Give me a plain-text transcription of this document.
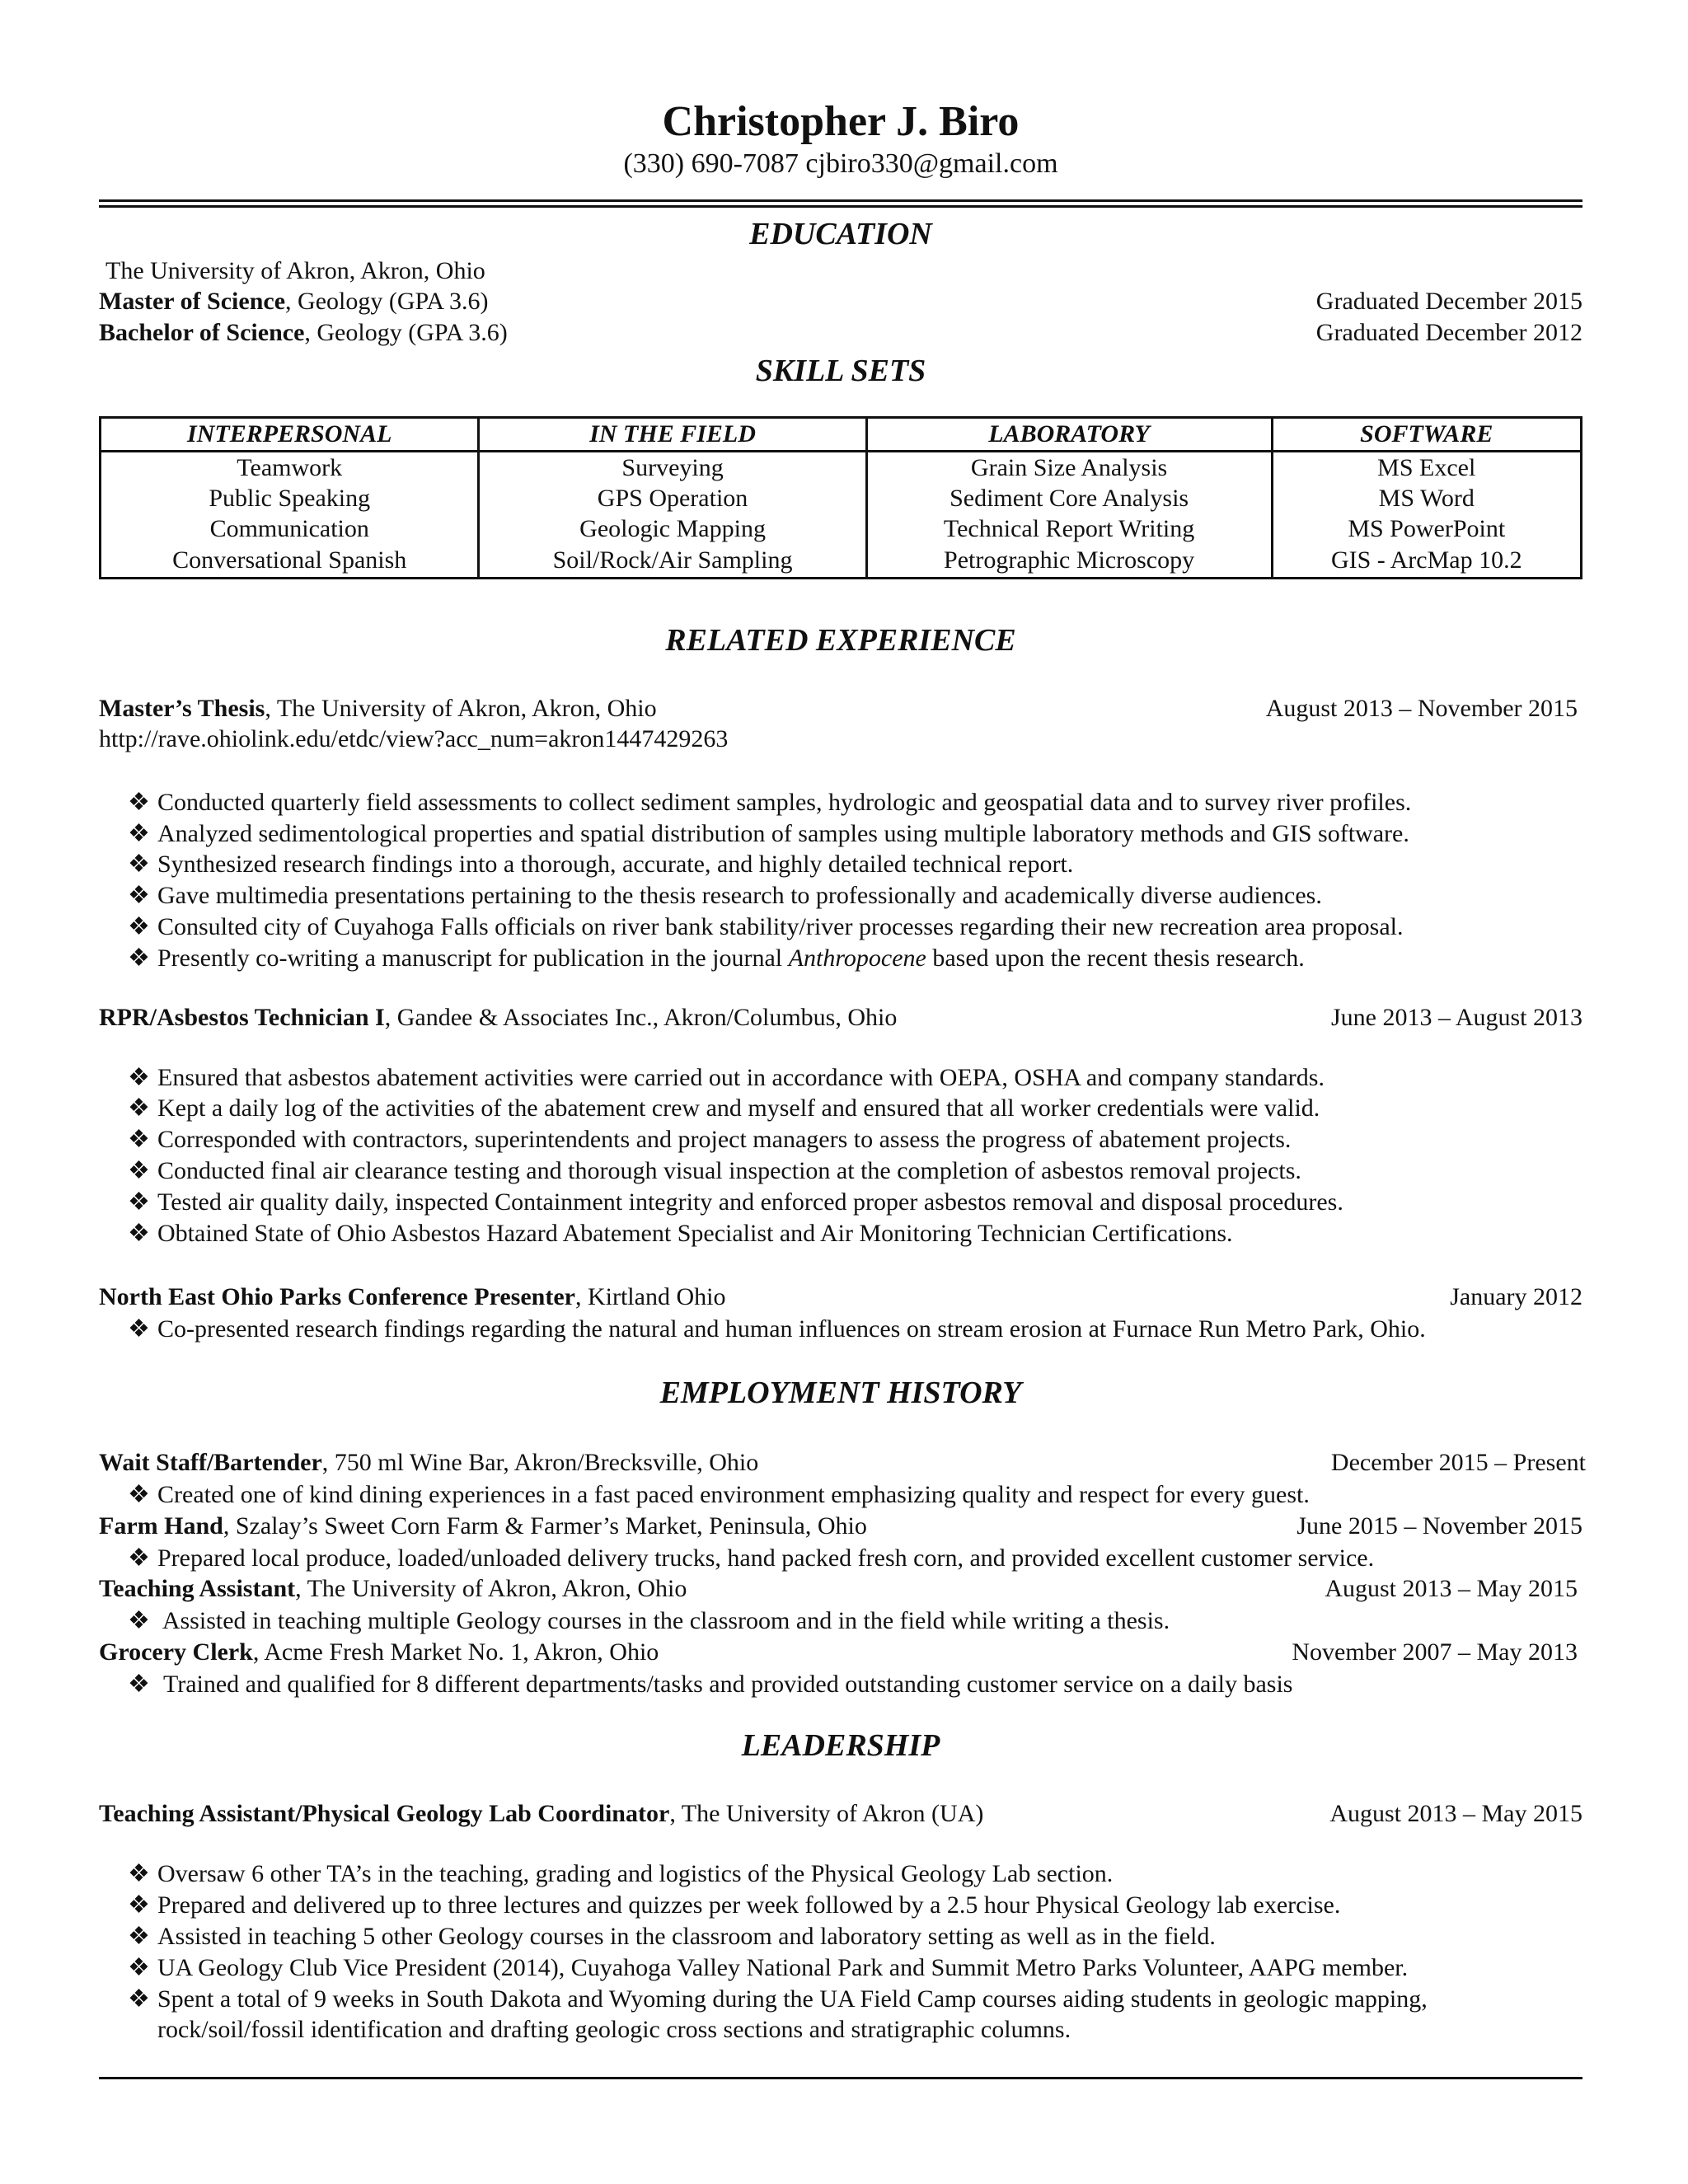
Christopher J. Biro
(330) 690-7087 cjbiro330@gmail.com
EDUCATION
The University of Akron, Akron, Ohio
Master of Science, Geology (GPA 3.6)	Graduated December 2015
Bachelor of Science, Geology (GPA 3.6)	Graduated December 2012
SKILL SETS
INTERPERSONAL	IN THE FIELD	LABORATORY	SOFTWARE
Teamwork	Surveying	Grain Size Analysis	MS Excel
Public Speaking	GPS Operation	Sediment Core Analysis	MS Word
Communication	Geologic Mapping	Technical Report Writing	MS PowerPoint
Conversational Spanish	Soil/Rock/Air Sampling	Petrographic Microscopy	GIS - ArcMap 10.2
RELATED EXPERIENCE
Master’s Thesis, The University of Akron, Akron, Ohio	August 2013 – November 2015
http://rave.ohiolink.edu/etdc/view?acc_num=akron1447429263
❖ Conducted quarterly field assessments to collect sediment samples, hydrologic and geospatial data and to survey river profiles.
❖ Analyzed sedimentological properties and spatial distribution of samples using multiple laboratory methods and GIS software.
❖ Synthesized research findings into a thorough, accurate, and highly detailed technical report.
❖ Gave multimedia presentations pertaining to the thesis research to professionally and academically diverse audiences.
❖ Consulted city of Cuyahoga Falls officials on river bank stability/river processes regarding their new recreation area proposal.
❖ Presently co-writing a manuscript for publication in the journal Anthropocene based upon the recent thesis research.
RPR/Asbestos Technician I, Gandee & Associates Inc., Akron/Columbus, Ohio	June 2013 – August 2013
❖ Ensured that asbestos abatement activities were carried out in accordance with OEPA, OSHA and company standards.
❖ Kept a daily log of the activities of the abatement crew and myself and ensured that all worker credentials were valid.
❖ Corresponded with contractors, superintendents and project managers to assess the progress of abatement projects.
❖ Conducted final air clearance testing and thorough visual inspection at the completion of asbestos removal projects.
❖ Tested air quality daily, inspected Containment integrity and enforced proper asbestos removal and disposal procedures.
❖ Obtained State of Ohio Asbestos Hazard Abatement Specialist and Air Monitoring Technician Certifications.
North East Ohio Parks Conference Presenter, Kirtland Ohio	January 2012
❖ Co-presented research findings regarding the natural and human influences on stream erosion at Furnace Run Metro Park, Ohio.
EMPLOYMENT HISTORY
Wait Staff/Bartender, 750 ml Wine Bar, Akron/Brecksville, Ohio	December 2015 – Present
❖ Created one of kind dining experiences in a fast paced environment emphasizing quality and respect for every guest.
Farm Hand, Szalay’s Sweet Corn Farm & Farmer’s Market, Peninsula, Ohio	June 2015 – November 2015
❖ Prepared local produce, loaded/unloaded delivery trucks, hand packed fresh corn, and provided excellent customer service.
Teaching Assistant, The University of Akron, Akron, Ohio	August 2013 – May 2015
❖ Assisted in teaching multiple Geology courses in the classroom and in the field while writing a thesis.
Grocery Clerk, Acme Fresh Market No. 1, Akron, Ohio	November 2007 – May 2013
❖ Trained and qualified for 8 different departments/tasks and provided outstanding customer service on a daily basis
LEADERSHIP
Teaching Assistant/Physical Geology Lab Coordinator, The University of Akron (UA)	August 2013 – May 2015
❖ Oversaw 6 other TA’s in the teaching, grading and logistics of the Physical Geology Lab section.
❖ Prepared and delivered up to three lectures and quizzes per week followed by a 2.5 hour Physical Geology lab exercise.
❖ Assisted in teaching 5 other Geology courses in the classroom and laboratory setting as well as in the field.
❖ UA Geology Club Vice President (2014), Cuyahoga Valley National Park and Summit Metro Parks Volunteer, AAPG member.
❖ Spent a total of 9 weeks in South Dakota and Wyoming during the UA Field Camp courses aiding students in geologic mapping,
rock/soil/fossil identification and drafting geologic cross sections and stratigraphic columns.
